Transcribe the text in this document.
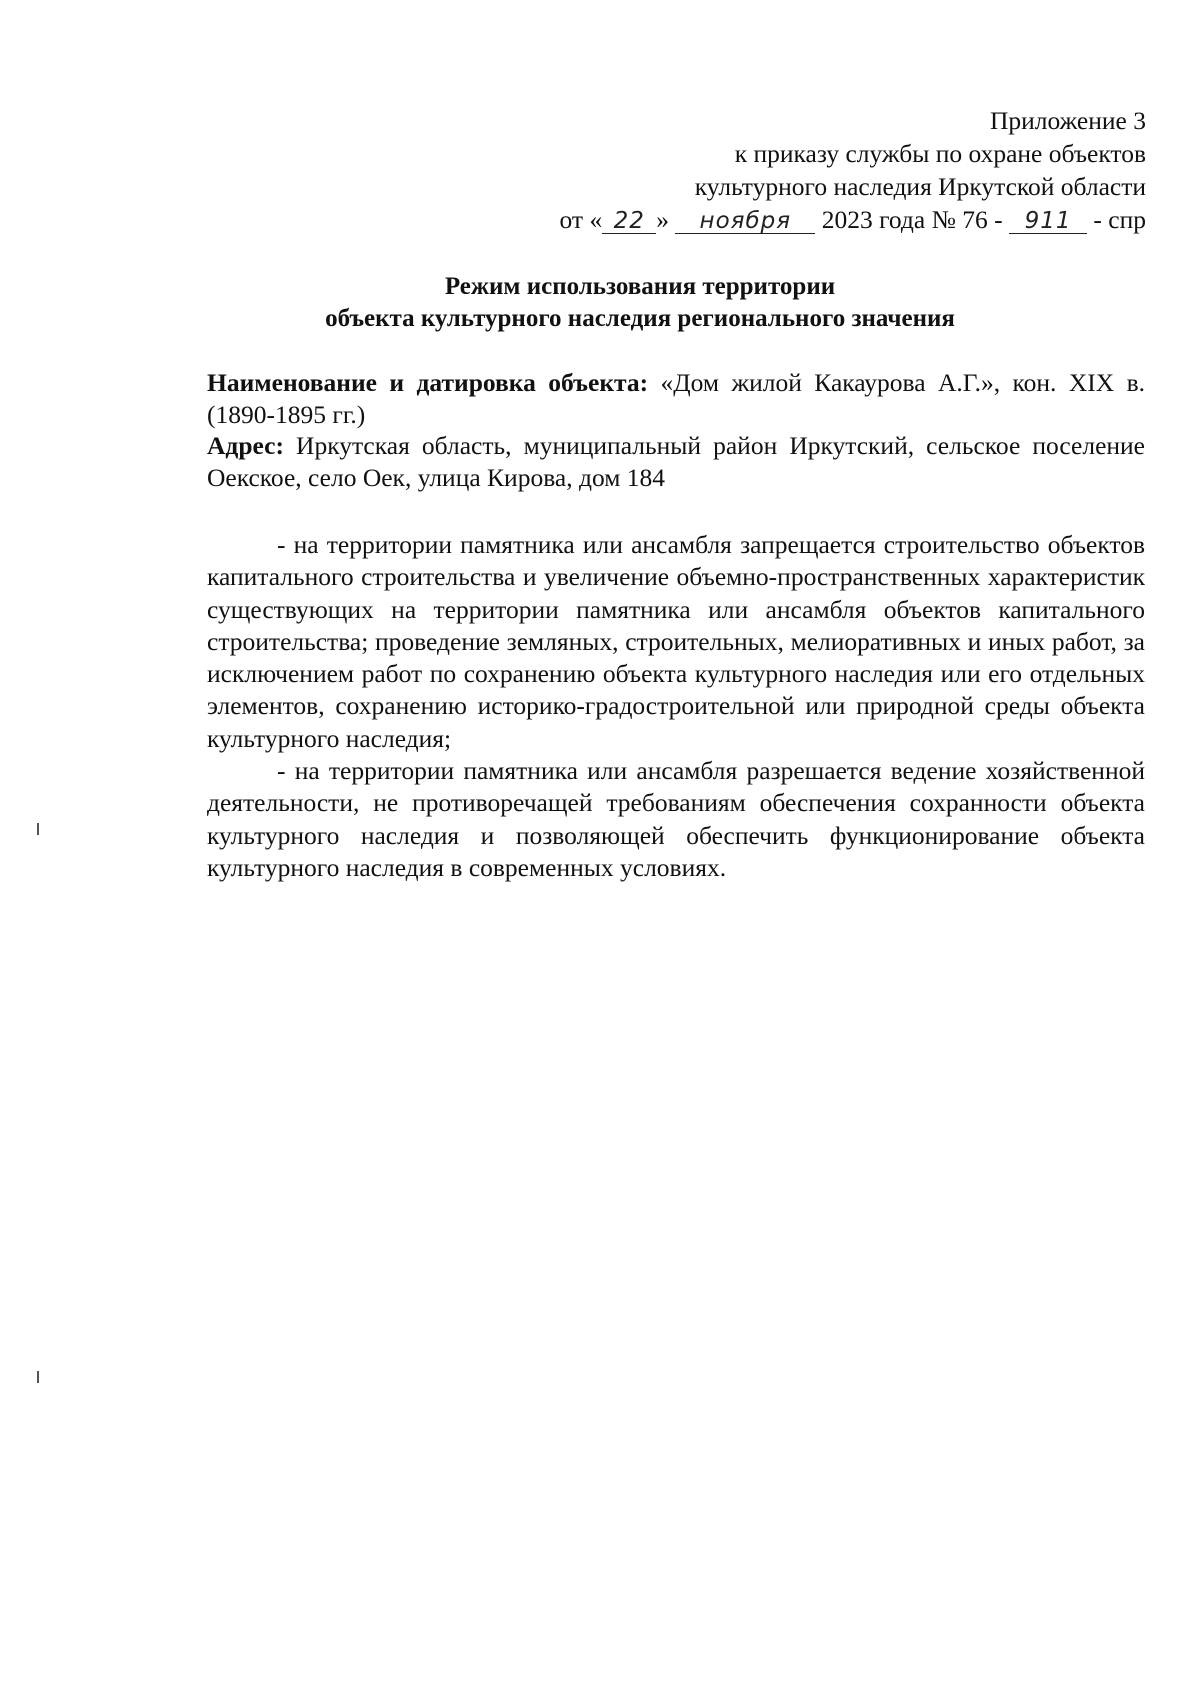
Приложение 3
к приказу службы по охране объектов
культурного наследия Иркутской области
от « 22 » ноября 2023 года № 76 - 911 - спр
Режим использования территории
объекта культурного наследия регионального значения

Наименование и датировка объекта: «Дом жилой Какаурова А.Г.», кон. XIX в. (1890-1895 гг.)

Адрес: Иркутская область, муниципальный район Иркутский, сельское поселение Оекское, село Оек, улица Кирова, дом 184

- на территории памятника или ансамбля запрещается строительство объектов капитального строительства и увеличение объемно-пространственных характеристик существующих на территории памятника или ансамбля объектов капитального строительства; проведение земляных, строительных, мелиоративных и иных работ, за исключением работ по сохранению объекта культурного наследия или его отдельных элементов, сохранению историко-градостроительной или природной среды объекта культурного наследия;

- на территории памятника или ансамбля разрешается ведение хозяйственной деятельности, не противоречащей требованиям обеспечения сохранности объекта культурного наследия и позволяющей обеспечить функционирование объекта культурного наследия в современных условиях.
